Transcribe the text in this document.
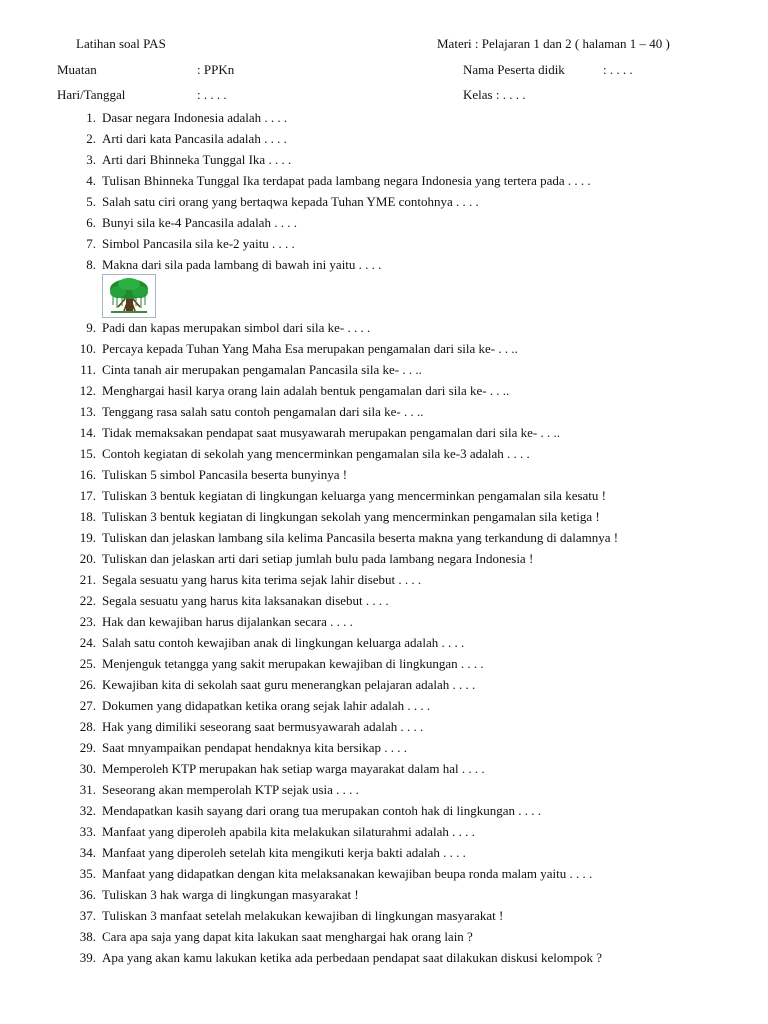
Latihan soal PAS	Materi : Pelajaran 1 dan 2 ( halaman 1 – 40 )
Muatan	: PPKn	Nama Peserta didik	: . . . .
Hari/Tanggal	: . . . .	Kelas : . . . .
1. Dasar negara Indonesia adalah . . . .
2. Arti dari kata Pancasila adalah . . . .
3. Arti dari Bhinneka Tunggal Ika . . . .
4. Tulisan Bhinneka Tunggal Ika terdapat pada lambang negara Indonesia yang tertera pada . . . .
5. Salah satu ciri orang yang bertaqwa kepada Tuhan YME contohnya . . . .
6. Bunyi sila ke-4 Pancasila adalah . . . .
7. Simbol Pancasila sila ke-2 yaitu . . . .
8. Makna dari sila pada lambang di bawah ini yaitu . . . .
9. Padi dan kapas merupakan simbol dari sila ke- . . . .
10. Percaya kepada Tuhan Yang Maha Esa merupakan pengamalan dari sila ke- . . ..
11. Cinta tanah air merupakan pengamalan Pancasila sila ke- . . ..
12. Menghargai hasil karya orang lain adalah bentuk pengamalan dari sila ke- . . ..
13. Tenggang rasa salah satu contoh pengamalan dari sila ke- . . ..
14. Tidak memaksakan pendapat saat musyawarah merupakan pengamalan dari sila ke- . . ..
15. Contoh kegiatan di sekolah yang mencerminkan pengamalan sila ke-3 adalah . . . .
16. Tuliskan 5 simbol Pancasila beserta bunyinya !
17. Tuliskan 3 bentuk kegiatan di lingkungan keluarga yang mencerminkan pengamalan sila kesatu !
18. Tuliskan 3 bentuk kegiatan di lingkungan sekolah yang mencerminkan pengamalan sila ketiga !
19. Tuliskan dan jelaskan lambang sila kelima Pancasila beserta makna yang terkandung di dalamnya !
20. Tuliskan dan jelaskan arti dari setiap jumlah bulu pada lambang negara Indonesia !
21. Segala sesuatu yang harus kita terima sejak lahir disebut . . . .
22. Segala sesuatu yang harus kita laksanakan disebut . . . .
23. Hak dan kewajiban harus dijalankan secara . . . .
24. Salah satu contoh kewajiban anak di lingkungan keluarga adalah . . . .
25. Menjenguk tetangga yang sakit merupakan kewajiban di lingkungan . . . .
26. Kewajiban kita di sekolah saat guru menerangkan pelajaran adalah . . . .
27. Dokumen yang didapatkan ketika orang sejak lahir adalah . . . .
28. Hak yang dimiliki seseorang saat bermusyawarah adalah . . . .
29. Saat mnyampaikan pendapat hendaknya kita bersikap . . . .
30. Memperoleh KTP merupakan hak setiap warga mayarakat dalam hal . . . .
31. Seseorang akan memperolah KTP sejak usia . . . .
32. Mendapatkan kasih sayang dari orang tua merupakan contoh hak di lingkungan . . . .
33. Manfaat yang diperoleh apabila kita melakukan silaturahmi adalah . . . .
34. Manfaat yang diperoleh setelah kita mengikuti kerja bakti adalah . . . .
35. Manfaat yang didapatkan dengan kita melaksanakan kewajiban beupa ronda malam yaitu . . . .
36. Tuliskan 3 hak warga di lingkungan masyarakat !
37. Tuliskan 3 manfaat setelah melakukan kewajiban di lingkungan masyarakat !
38. Cara apa saja yang dapat kita lakukan saat menghargai hak orang lain ?
39. Apa yang akan kamu lakukan ketika ada perbedaan pendapat saat dilakukan diskusi kelompok ?
